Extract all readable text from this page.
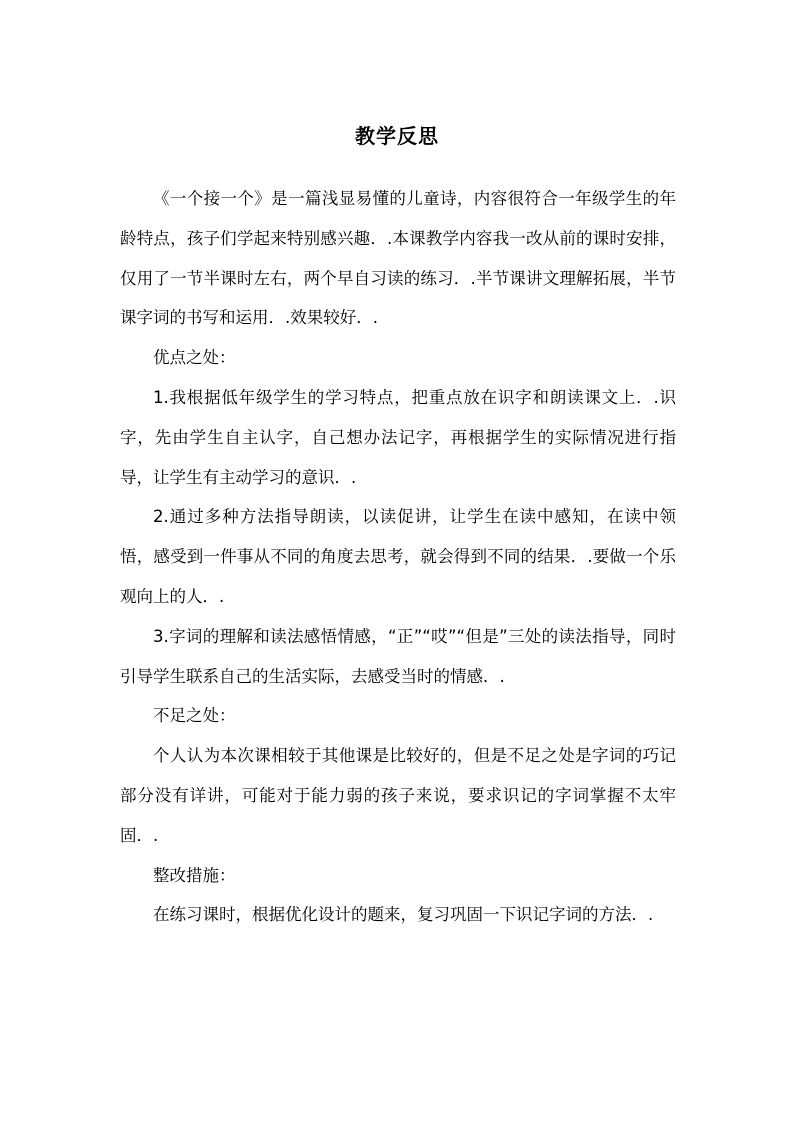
教学反思

《一个接一个》是一篇浅显易懂的儿童诗，内容很符合一年级学生的年龄特点，孩子们学起来特别感兴趣．.本课教学内容我一改从前的课时安排，仅用了一节半课时左右，两个早自习读的练习．.半节课讲文理解拓展，半节课字词的书写和运用．.效果较好．.

优点之处：

1.我根据低年级学生的学习特点，把重点放在识字和朗读课文上．.识字，先由学生自主认字，自己想办法记字，再根据学生的实际情况进行指导，让学生有主动学习的意识．.

2.通过多种方法指导朗读，以读促讲，让学生在读中感知，在读中领悟，感受到一件事从不同的角度去思考，就会得到不同的结果．.要做一个乐观向上的人．.

3.字词的理解和读法感悟情感，“正”“哎”“但是”三处的读法指导，同时引导学生联系自己的生活实际，去感受当时的情感．.

不足之处：

个人认为本次课相较于其他课是比较好的，但是不足之处是字词的巧记部分没有详讲，可能对于能力弱的孩子来说，要求识记的字词掌握不太牢固．.

整改措施：

在练习课时，根据优化设计的题来，复习巩固一下识记字词的方法．.
